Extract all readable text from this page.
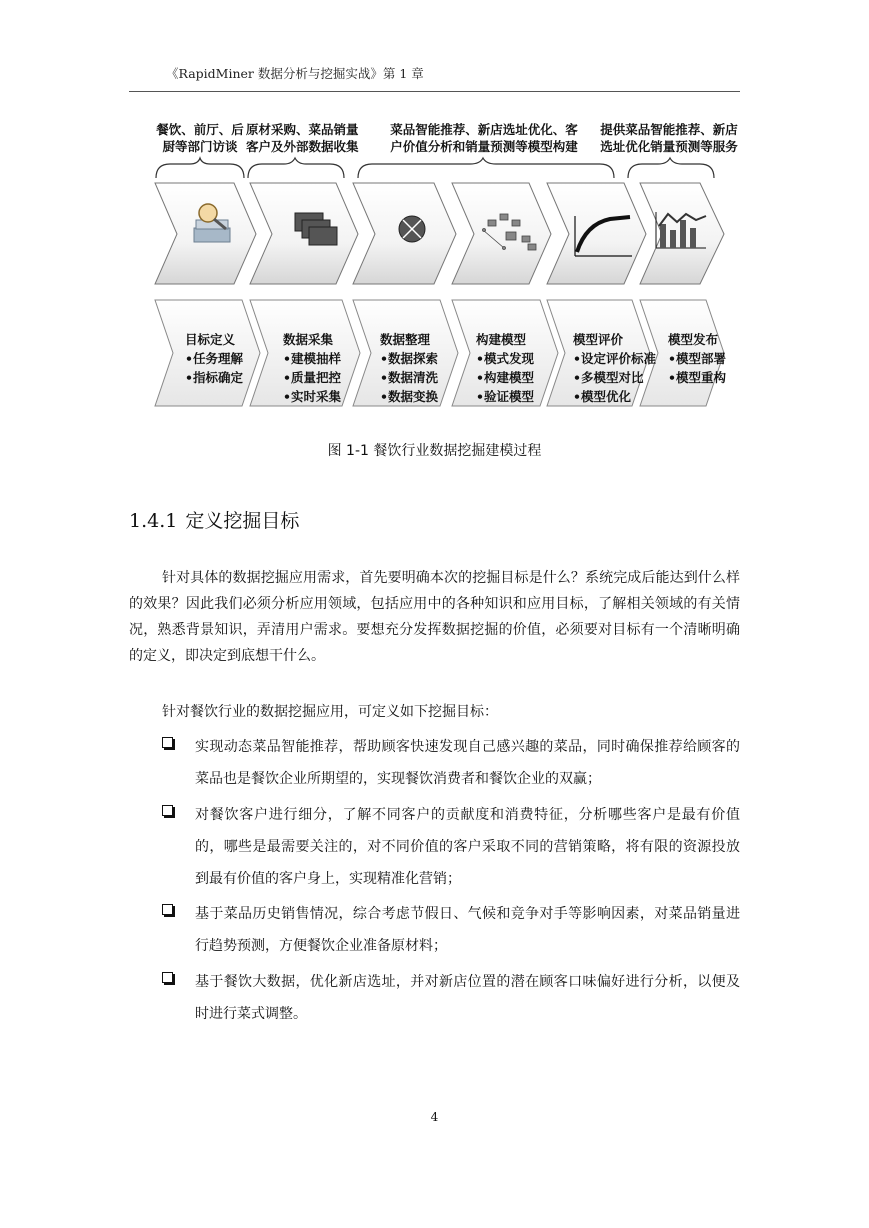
《RapidMiner 数据分析与挖掘实战》第 1 章
餐饮、前厅、后
厨等部门访谈
原材采购、菜品销量
客户及外部数据收集
菜品智能推荐、新店选址优化、客
户价值分析和销量预测等模型构建
提供菜品智能推荐、新店
选址优化销量预测等服务
目标定义
•任务理解
•指标确定
数据采集
•建模抽样
•质量把控
•实时采集
数据整理
•数据探索
•数据清洗
•数据变换
构建模型
•模式发现
•构建模型
•验证模型
模型评价
•设定评价标准
•多模型对比
•模型优化
模型发布
•模型部署
•模型重构
图 1-1 餐饮行业数据挖掘建模过程
1.4.1 定义挖掘目标
针对具体的数据挖掘应用需求，首先要明确本次的挖掘目标是什么？系统完成后能达到什么样的效果？因此我们必须分析应用领域，包括应用中的各种知识和应用目标，了解相关领域的有关情况，熟悉背景知识，弄清用户需求。要想充分发挥数据挖掘的价值，必须要对目标有一个清晰明确的定义，即决定到底想干什么。
针对餐饮行业的数据挖掘应用，可定义如下挖掘目标：
实现动态菜品智能推荐，帮助顾客快速发现自己感兴趣的菜品，同时确保推荐给顾客的菜品也是餐饮企业所期望的，实现餐饮消费者和餐饮企业的双赢；
对餐饮客户进行细分，了解不同客户的贡献度和消费特征，分析哪些客户是最有价值的，哪些是最需要关注的，对不同价值的客户采取不同的营销策略，将有限的资源投放到最有价值的客户身上，实现精准化营销；
基于菜品历史销售情况，综合考虑节假日、气候和竞争对手等影响因素，对菜品销量进行趋势预测，方便餐饮企业准备原材料；
基于餐饮大数据，优化新店选址，并对新店位置的潜在顾客口味偏好进行分析，以便及时进行菜式调整。
4
